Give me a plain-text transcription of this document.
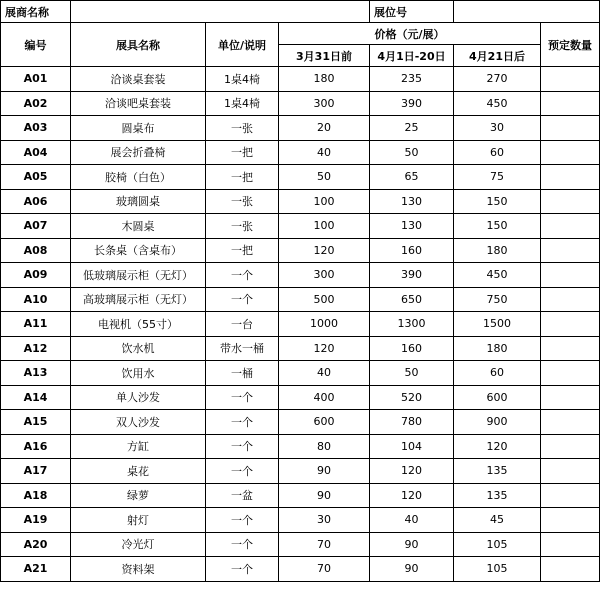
展商名称				展位号		
编号	展具名称	单位/说明	价格（元/展）			预定数量
			3月31日前	4月1日-20日	4月21日后	
A01	洽谈桌套装	1桌4椅	180	235	270	
A02	洽谈吧桌套装	1桌4椅	300	390	450	
A03	圆桌布	一张	20	25	30	
A04	展会折叠椅	一把	40	50	60	
A05	胶椅（白色）	一把	50	65	75	
A06	玻璃圆桌	一张	100	130	150	
A07	木圆桌	一张	100	130	150	
A08	长条桌（含桌布）	一把	120	160	180	
A09	低玻璃展示柜（无灯）	一个	300	390	450	
A10	高玻璃展示柜（无灯）	一个	500	650	750	
A11	电视机（55寸）	一台	1000	1300	1500	
A12	饮水机	带水一桶	120	160	180	
A13	饮用水	一桶	40	50	60	
A14	单人沙发	一个	400	520	600	
A15	双人沙发	一个	600	780	900	
A16	方缸	一个	80	104	120	
A17	桌花	一个	90	120	135	
A18	绿萝	一盆	90	120	135	
A19	射灯	一个	30	40	45	
A20	冷光灯	一个	70	90	105	
A21	资料架	一个	70	90	105	
